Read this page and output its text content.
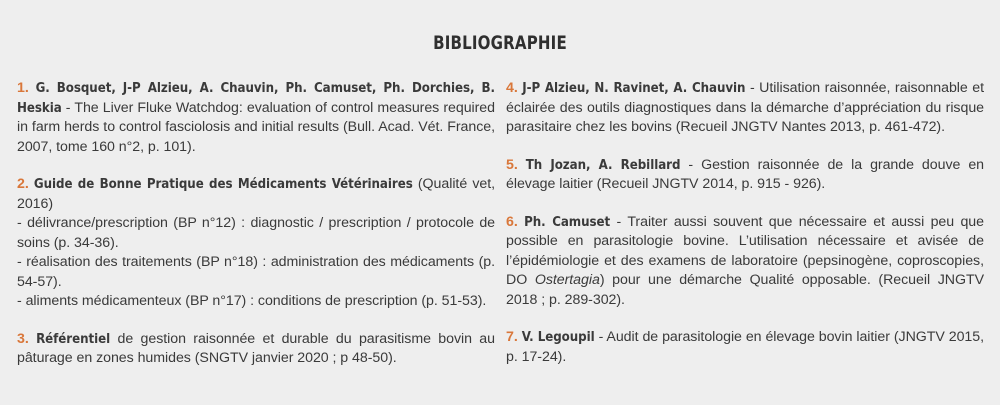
BIBLIOGRAPHIE

1. G. Bosquet, J-P Alzieu, A. Chauvin, Ph. Camuset, Ph. Dorchies, B. Heskia - The Liver Fluke Watchdog: evaluation of control measures required in farm herds to control fasciolosis and initial results (Bull. Acad. Vét. France, 2007, tome 160 n°2, p. 101).

2. Guide de Bonne Pratique des Médicaments Vétérinaires (Qualité vet, 2016)
- délivrance/prescription (BP n°12) : diagnostic / prescription / protocole de soins (p. 34-36).
- réalisation des traitements (BP n°18) : administration des médicaments (p. 54-57).
- aliments médicamenteux (BP n°17) : conditions de prescription (p. 51-53).

3. Référentiel de gestion raisonnée et durable du parasitisme bovin au pâturage en zones humides (SNGTV janvier 2020 ; p 48-50).

4. J-P Alzieu, N. Ravinet, A. Chauvin - Utilisation raisonnée, raisonnable et éclairée des outils diagnostiques dans la démarche d’appréciation du risque parasitaire chez les bovins (Recueil JNGTV Nantes 2013, p. 461-472).

5. Th Jozan, A. Rebillard - Gestion raisonnée de la grande douve en élevage laitier (Recueil JNGTV 2014, p. 915 - 926).

6. Ph. Camuset - Traiter aussi souvent que nécessaire et aussi peu que possible en parasitologie bovine. L’utilisation nécessaire et avisée de l’épidémiologie et des examens de laboratoire (pepsinogène, coproscopies, DO Ostertagia) pour une démarche Qualité opposable. (Recueil JNGTV 2018 ; p. 289-302).

7. V. Legoupil - Audit de parasitologie en élevage bovin laitier (JNGTV 2015, p. 17-24).
